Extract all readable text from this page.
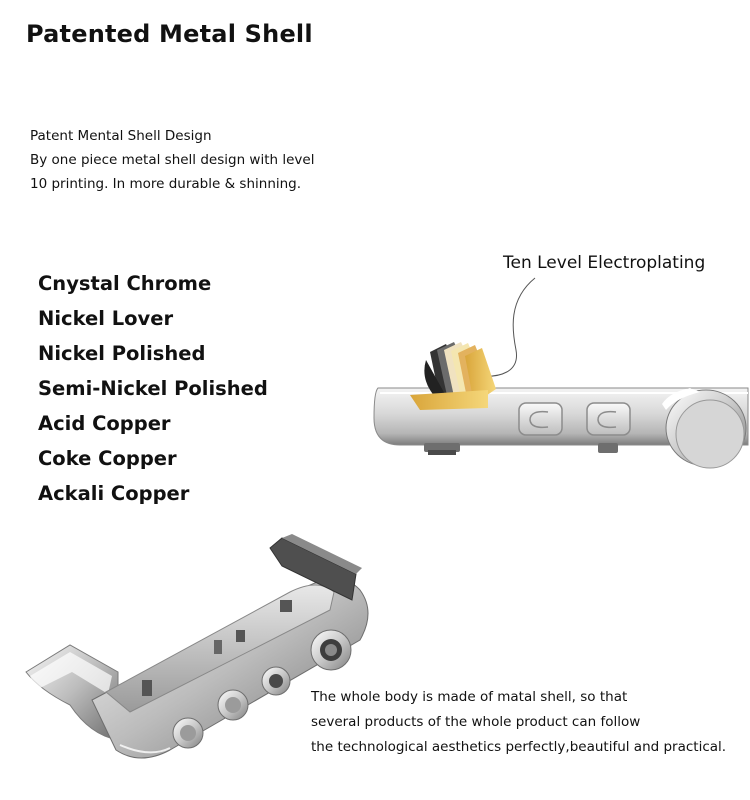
Patented Metal Shell
Patent Mental Shell Design
By one piece metal shell design with level
10 printing. In more durable & shinning.
Cnystal Chrome
Nickel Lover
Nickel Polished
Semi-Nickel Polished
Acid Copper
Coke Copper
Ackali Copper
Ten Level Electroplating
The whole body is made of matal shell, so that
several products of the whole product can follow
the technological aesthetics perfectly,beautiful and practical.
